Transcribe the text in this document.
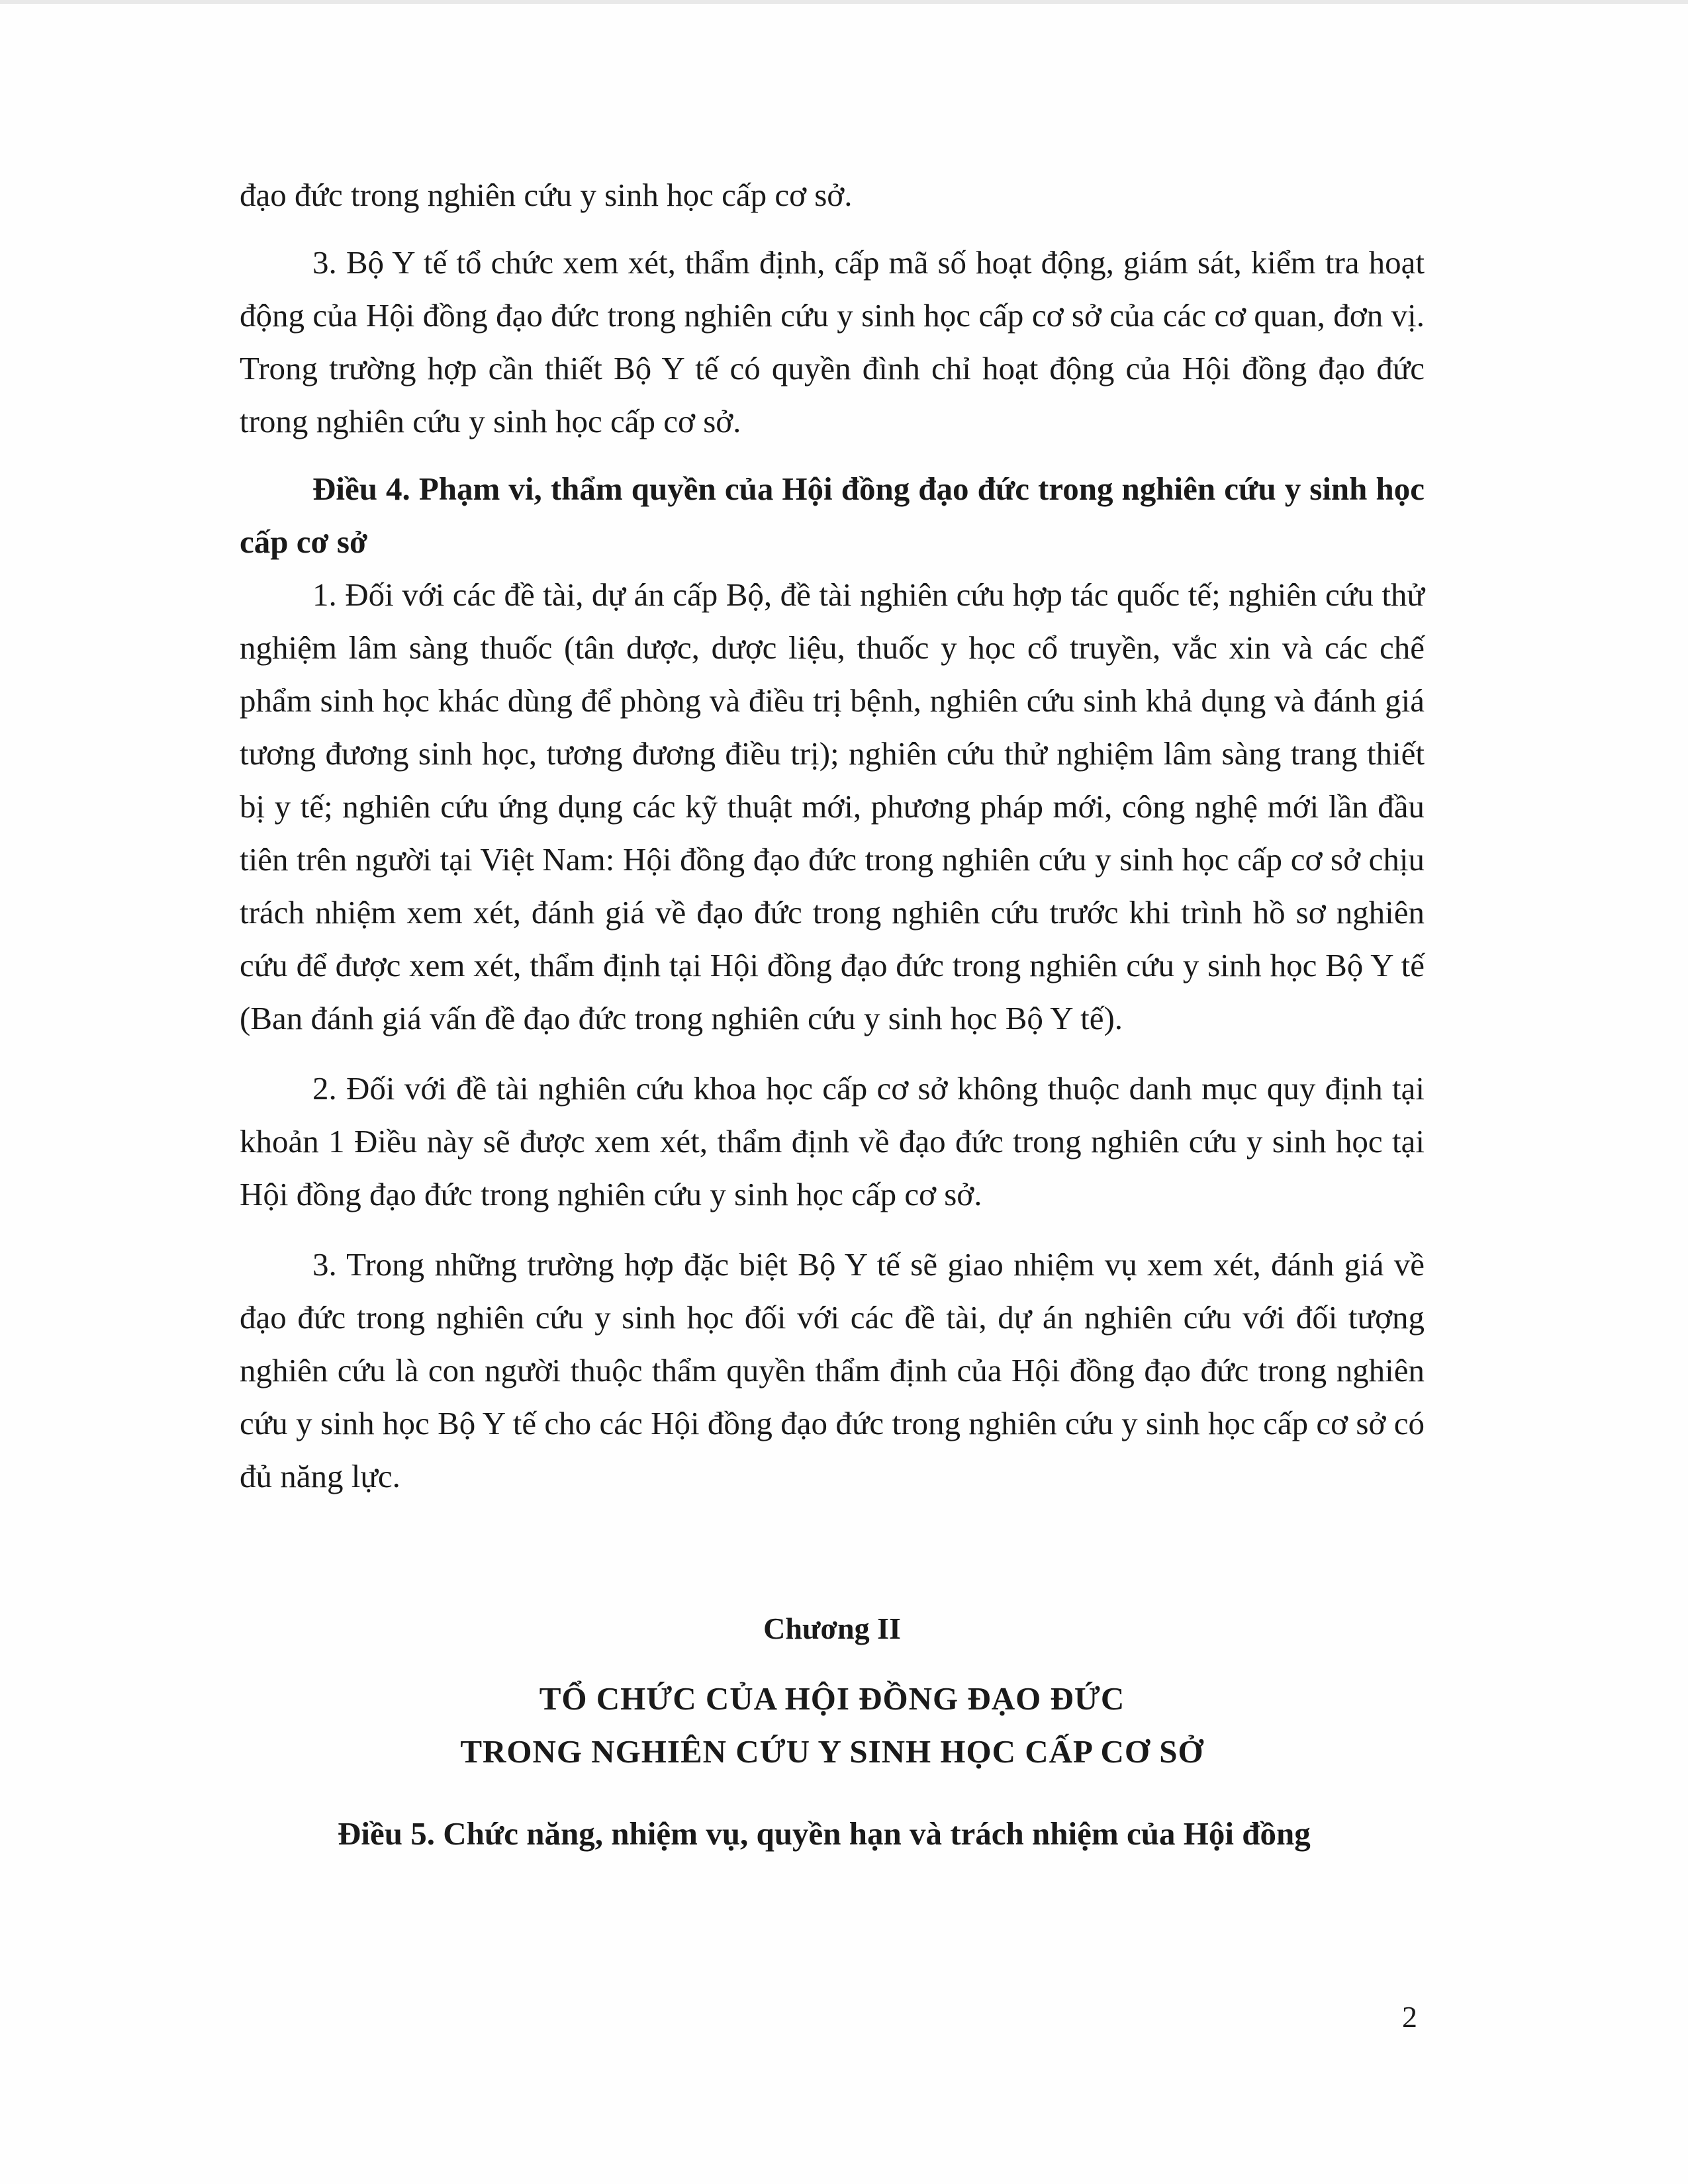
đạo đức trong nghiên cứu y sinh học cấp cơ sở.

3. Bộ Y tế tổ chức xem xét, thẩm định, cấp mã số hoạt động, giám sát, kiểm tra hoạt động của Hội đồng đạo đức trong nghiên cứu y sinh học cấp cơ sở của các cơ quan, đơn vị. Trong trường hợp cần thiết Bộ Y tế có quyền đình chỉ hoạt động của Hội đồng đạo đức trong nghiên cứu y sinh học cấp cơ sở.

Điều 4. Phạm vi, thẩm quyền của Hội đồng đạo đức trong nghiên cứu y sinh học cấp cơ sở

1. Đối với các đề tài, dự án cấp Bộ, đề tài nghiên cứu hợp tác quốc tế; nghiên cứu thử nghiệm lâm sàng thuốc (tân dược, dược liệu, thuốc y học cổ truyền, vắc xin và các chế phẩm sinh học khác dùng để phòng và điều trị bệnh, nghiên cứu sinh khả dụng và đánh giá tương đương sinh học, tương đương điều trị); nghiên cứu thử nghiệm lâm sàng trang thiết bị y tế; nghiên cứu ứng dụng các kỹ thuật mới, phương pháp mới, công nghệ mới lần đầu tiên trên người tại Việt Nam: Hội đồng đạo đức trong nghiên cứu y sinh học cấp cơ sở chịu trách nhiệm xem xét, đánh giá về đạo đức trong nghiên cứu trước khi trình hồ sơ nghiên cứu để được xem xét, thẩm định tại Hội đồng đạo đức trong nghiên cứu y sinh học Bộ Y tế (Ban đánh giá vấn đề đạo đức trong nghiên cứu y sinh học Bộ Y tế).

2. Đối với đề tài nghiên cứu khoa học cấp cơ sở không thuộc danh mục quy định tại khoản 1 Điều này sẽ được xem xét, thẩm định về đạo đức trong nghiên cứu y sinh học tại Hội đồng đạo đức trong nghiên cứu y sinh học cấp cơ sở.

3. Trong những trường hợp đặc biệt Bộ Y tế sẽ giao nhiệm vụ xem xét, đánh giá về đạo đức trong nghiên cứu y sinh học đối với các đề tài, dự án nghiên cứu với đối tượng nghiên cứu là con người thuộc thẩm quyền thẩm định của Hội đồng đạo đức trong nghiên cứu y sinh học Bộ Y tế cho các Hội đồng đạo đức trong nghiên cứu y sinh học cấp cơ sở có đủ năng lực.

Chương II
TỔ CHỨC CỦA HỘI ĐỒNG ĐẠO ĐỨC
TRONG NGHIÊN CỨU Y SINH HỌC CẤP CƠ SỞ

Điều 5. Chức năng, nhiệm vụ, quyền hạn và trách nhiệm của Hội đồng

2
